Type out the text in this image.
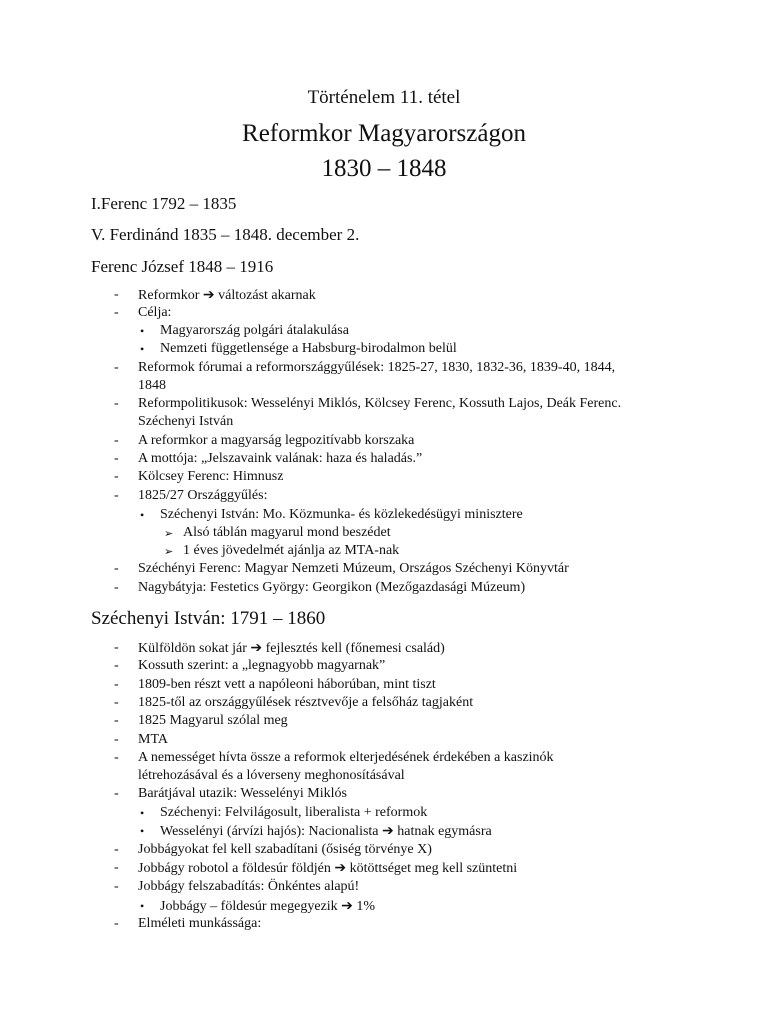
Történelem 11. tétel
Reformkor Magyarországon
1830 – 1848
I.Ferenc 1792 – 1835
V. Ferdinánd 1835 – 1848. december 2.
Ferenc József 1848 – 1916
- Reformkor ➔ változást akarnak
- Célja:
• Magyarország polgári átalakulása
• Nemzeti függetlensége a Habsburg-birodalmon belül
- Reformok fórumai a reformországgyűlések: 1825-27, 1830, 1832-36, 1839-40, 1844,
1848
- Reformpolitikusok: Wesselényi Miklós, Kölcsey Ferenc, Kossuth Lajos, Deák Ferenc.
Széchenyi István
- A reformkor a magyarság legpozitívabb korszaka
- A mottója: „Jelszavaink valának: haza és haladás.”
- Kölcsey Ferenc: Himnusz
- 1825/27 Országgyűlés:
• Széchenyi István: Mo. Közmunka- és közlekedésügyi minisztere
➢ Alsó táblán magyarul mond beszédet
➢ 1 éves jövedelmét ajánlja az MTA-nak
- Széchényi Ferenc: Magyar Nemzeti Múzeum, Országos Széchenyi Könyvtár
- Nagybátyja: Festetics György: Georgikon (Mezőgazdasági Múzeum)
Széchenyi István: 1791 – 1860
- Külföldön sokat jár ➔ fejlesztés kell (főnemesi család)
- Kossuth szerint: a „legnagyobb magyarnak”
- 1809-ben részt vett a napóleoni háborúban, mint tiszt
- 1825-től az országgyűlések résztvevője a felsőház tagjaként
- 1825 Magyarul szólal meg
- MTA
- A nemességet hívta össze a reformok elterjedésének érdekében a kaszinók
létrehozásával és a lóverseny meghonosításával
- Barátjával utazik: Wesselényi Miklós
• Széchenyi: Felvilágosult, liberalista + reformok
• Wesselényi (árvízi hajós): Nacionalista ➔ hatnak egymásra
- Jobbágyokat fel kell szabadítani (ősiség törvénye X)
- Jobbágy robotol a földesúr földjén ➔ kötöttséget meg kell szüntetni
- Jobbágy felszabadítás: Önkéntes alapú!
• Jobbágy – földesúr megegyezik ➔ 1%
- Elméleti munkássága:
